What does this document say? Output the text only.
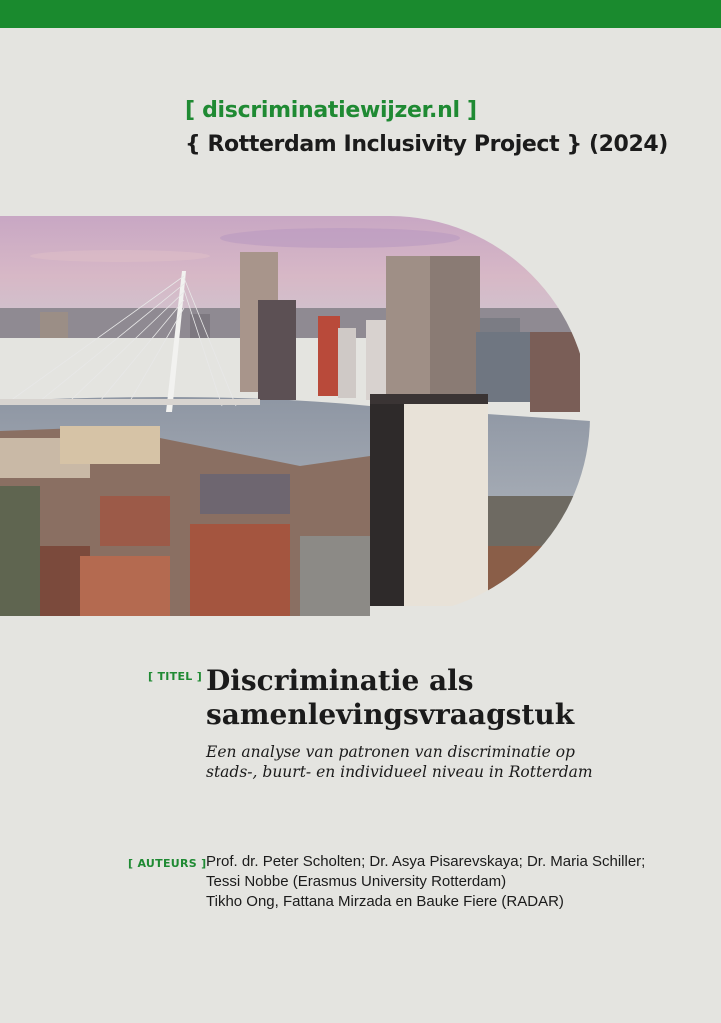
[ discriminatiewijzer.nl ]

{ Rotterdam Inclusivity Project } (2024)

[ TITEL ] Discriminatie als samenlevingsvraagstuk

Een analyse van patronen van discriminatie op stads-, buurt- en individueel niveau in Rotterdam

[ AUTEURS ] Prof. dr. Peter Scholten; Dr. Asya Pisarevskaya; Dr. Maria Schiller;
Tessi Nobbe (Erasmus University Rotterdam)
Tikho Ong, Fattana Mirzada en Bauke Fiere (RADAR)
